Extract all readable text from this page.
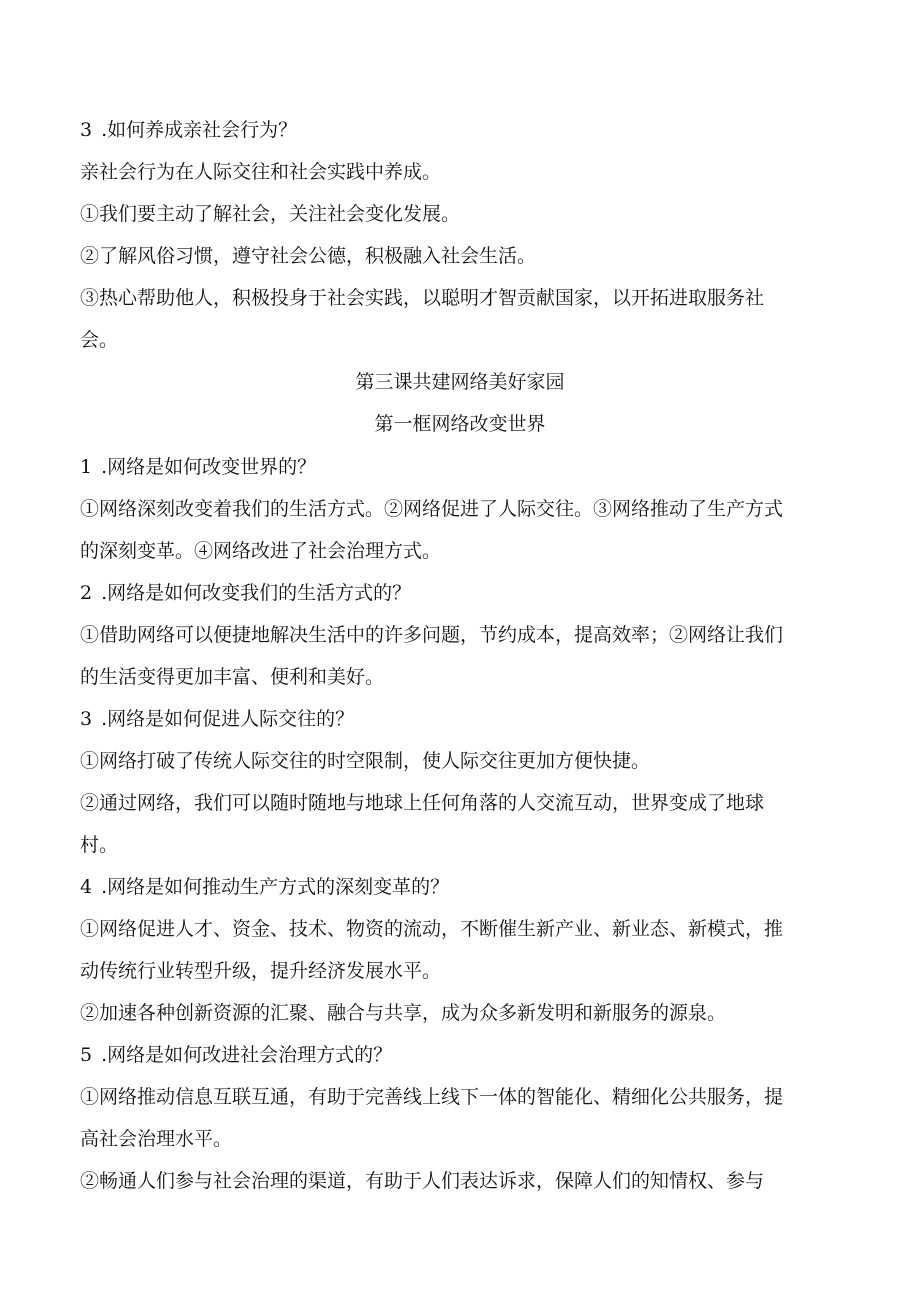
3 .如何养成亲社会行为？
亲社会行为在人际交往和社会实践中养成。
①我们要主动了解社会，关注社会变化发展。
②了解风俗习惯，遵守社会公德，积极融入社会生活。
③热心帮助他人，积极投身于社会实践，以聪明才智贡献国家，以开拓进取服务社
会。
第三课共建网络美好家园
第一框网络改变世界
1 .网络是如何改变世界的？
①网络深刻改变着我们的生活方式。②网络促进了人际交往。③网络推动了生产方式
的深刻变革。④网络改进了社会治理方式。
2 .网络是如何改变我们的生活方式的？
①借助网络可以便捷地解决生活中的许多问题，节约成本，提高效率；②网络让我们
的生活变得更加丰富、便利和美好。
3 .网络是如何促进人际交往的？
①网络打破了传统人际交往的时空限制，使人际交往更加方便快捷。
②通过网络，我们可以随时随地与地球上任何角落的人交流互动，世界变成了地球
村。
4 .网络是如何推动生产方式的深刻变革的？
①网络促进人才、资金、技术、物资的流动，不断催生新产业、新业态、新模式，推
动传统行业转型升级，提升经济发展水平。
②加速各种创新资源的汇聚、融合与共享，成为众多新发明和新服务的源泉。
5 .网络是如何改进社会治理方式的？
①网络推动信息互联互通，有助于完善线上线下一体的智能化、精细化公共服务，提
高社会治理水平。
②畅通人们参与社会治理的渠道，有助于人们表达诉求，保障人们的知情权、参与
